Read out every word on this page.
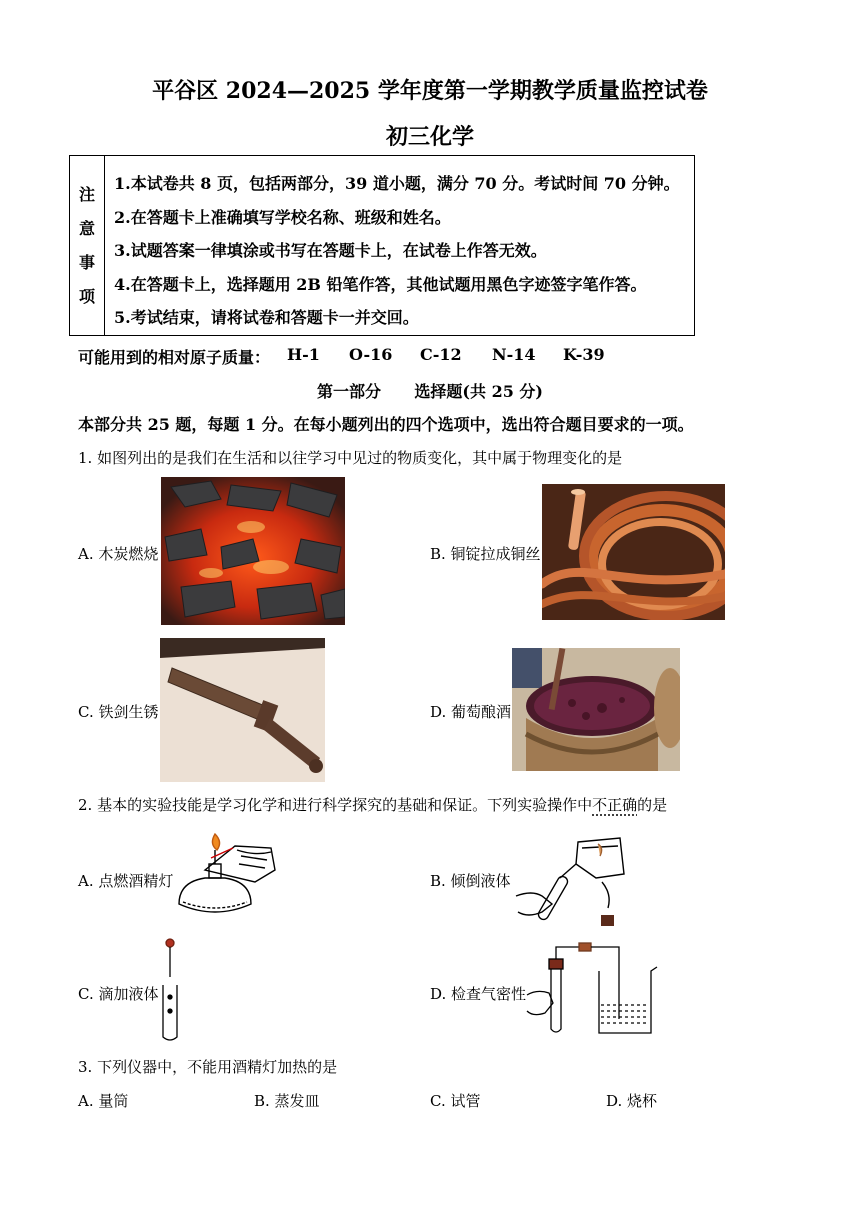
平谷区 2024—2025 学年度第一学期教学质量监控试卷
初三化学
注
意
事
项
1.本试卷共 8 页，包括两部分，39 道小题，满分 70 分。考试时间 70 分钟。
2.在答题卡上准确填写学校名称、班级和姓名。
3.试题答案一律填涂或书写在答题卡上，在试卷上作答无效。
4.在答题卡上，选择题用 2B 铅笔作答，其他试题用黑色字迹签字笔作答。
5.考试结束，请将试卷和答题卡一并交回。
可能用到的相对原子质量： H-1 O-16 C-12 N-14 K-39
第一部分      选择题(共 25 分)
本部分共 25 题，每题 1 分。在每小题列出的四个选项中，选出符合题目要求的一项。
1. 如图列出的是我们在生活和以往学习中见过的物质变化，其中属于物理变化的是
A. 木炭燃烧	B. 铜锭拉成铜丝
C. 铁剑生锈	D. 葡萄酿酒
2. 基本的实验技能是学习化学和进行科学探究的基础和保证。下列实验操作中不正确的是
A. 点燃酒精灯	B. 倾倒液体
C. 滴加液体	D. 检查气密性
3. 下列仪器中，不能用酒精灯加热的是
A. 量筒	B. 蒸发皿	C. 试管	D. 烧杯
